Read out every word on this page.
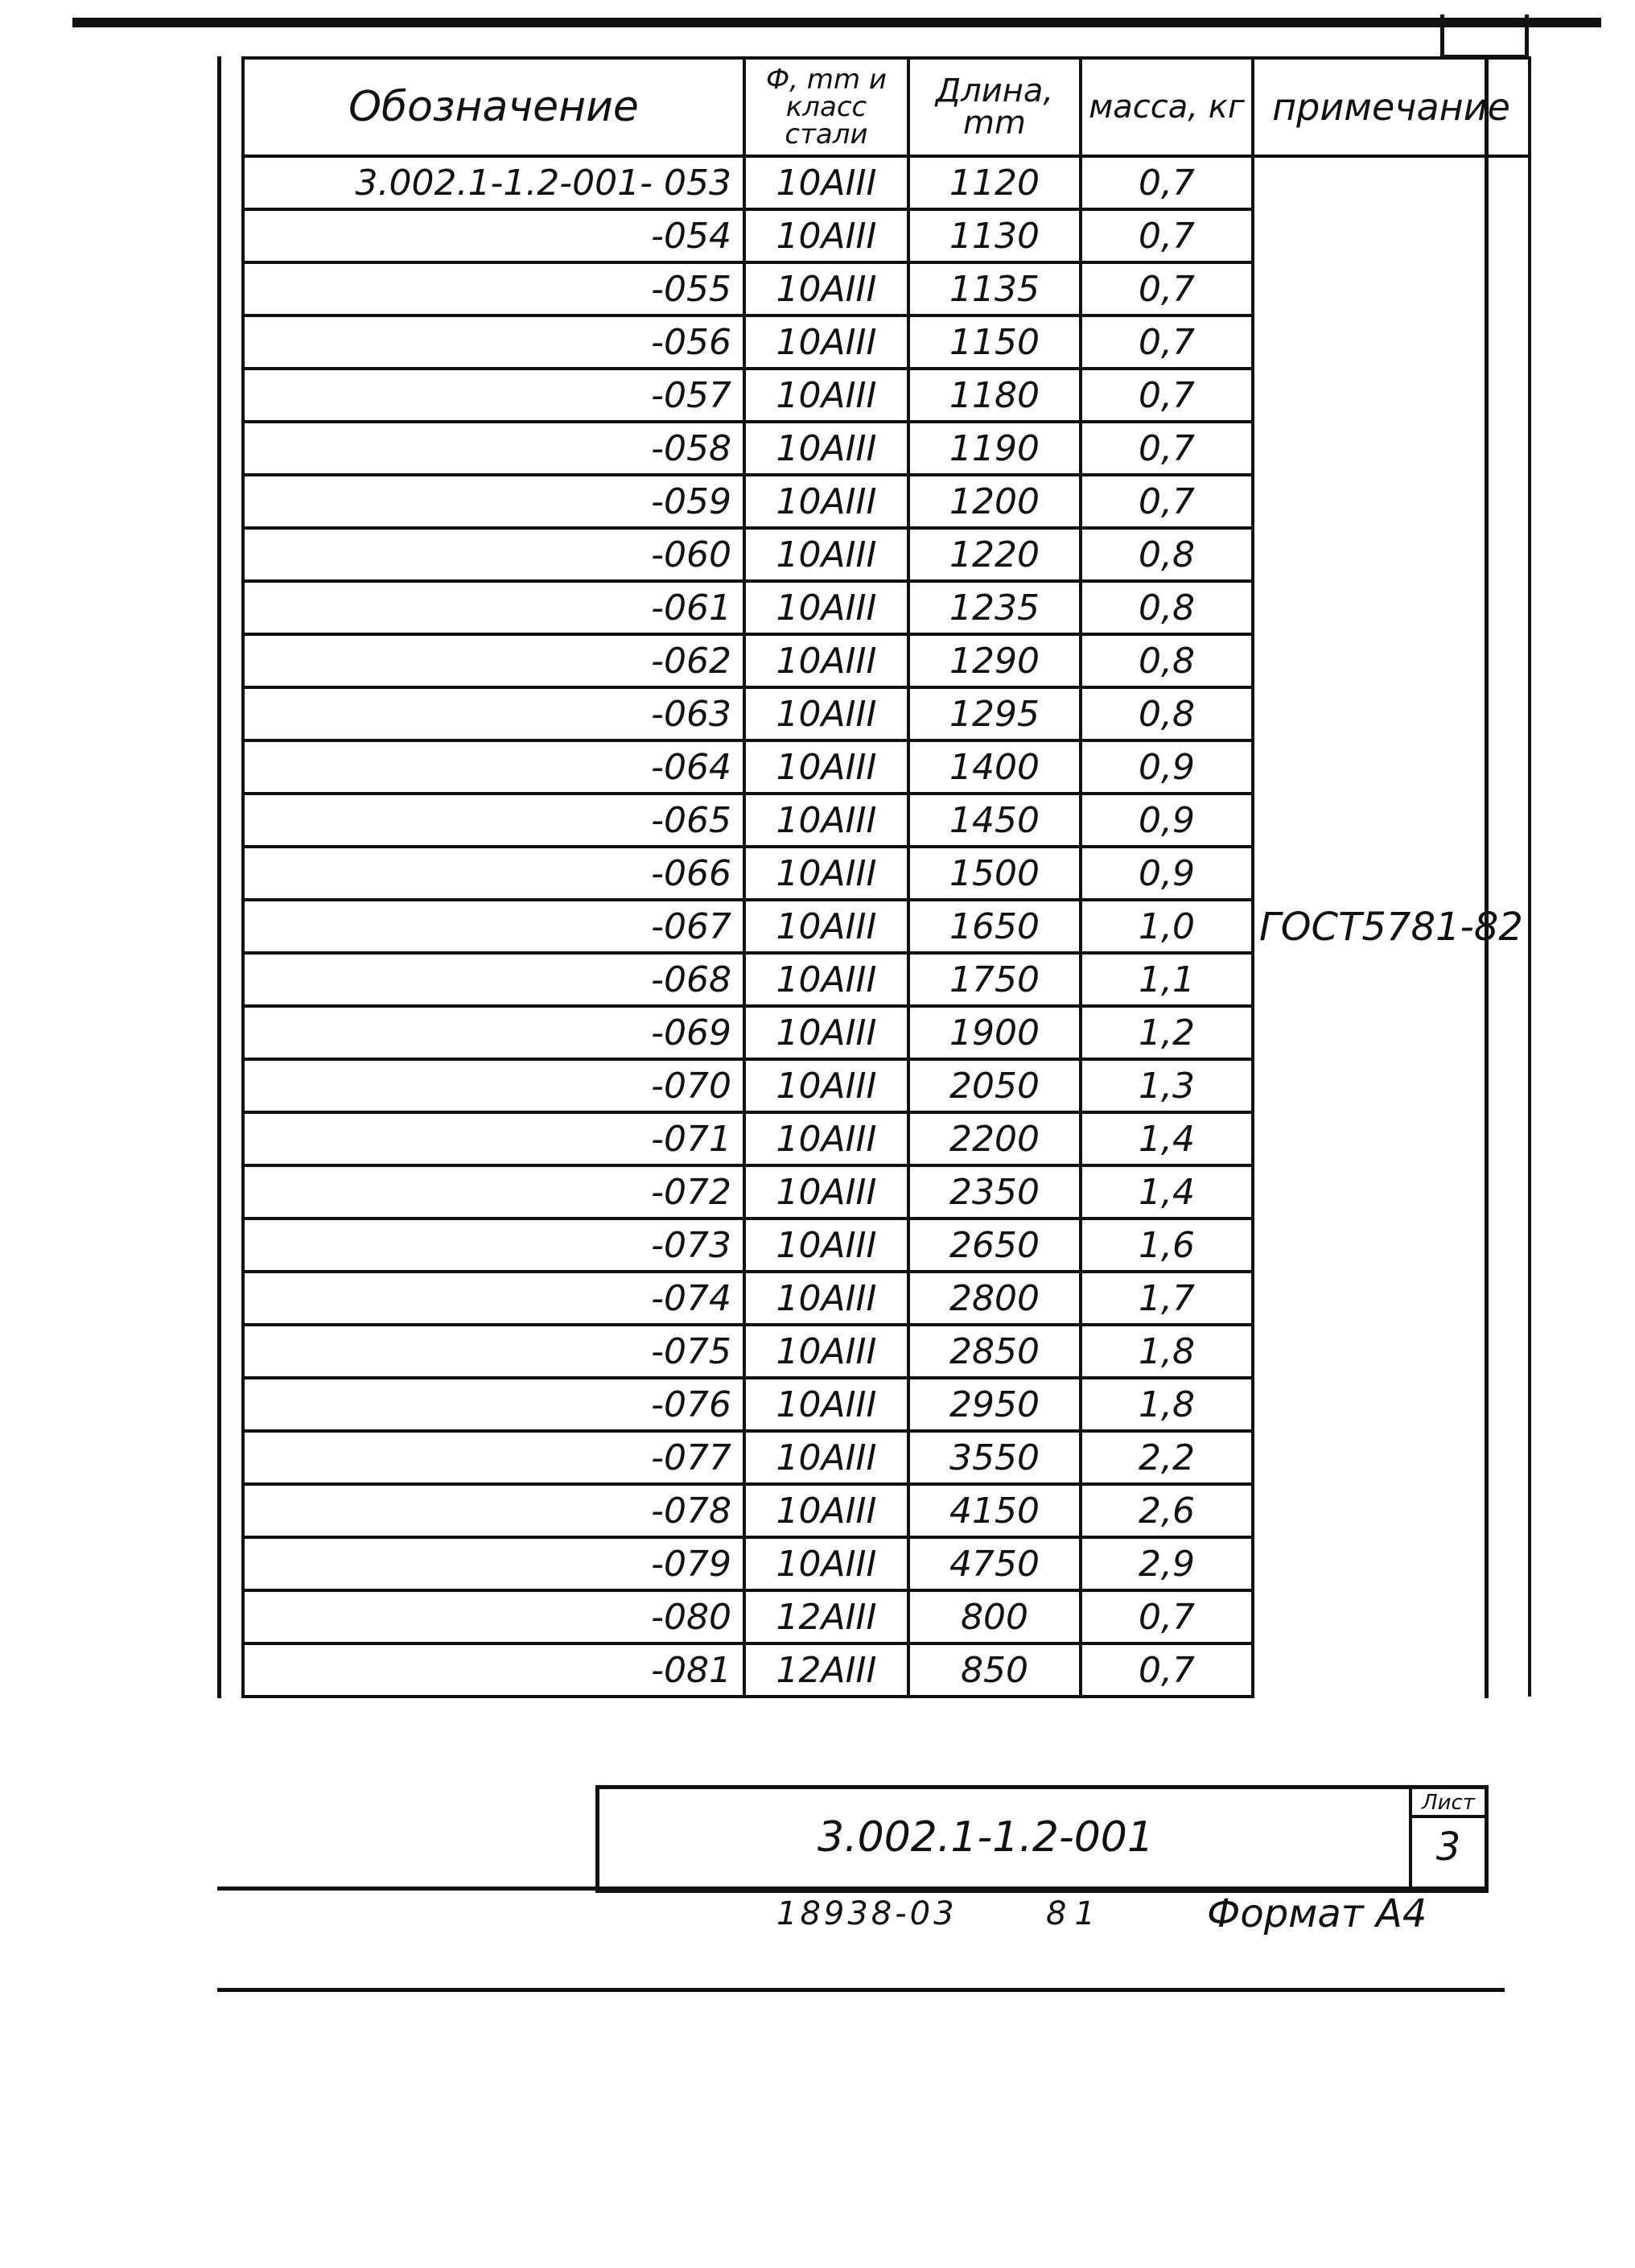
Обозначение	Ф, mm и класс стали	Длина, mm	масса, кг	примечание
3.002.1-1.2-001- 053	10АIII	1120	0,7	ГОСТ5781-82
-054	10АIII	1130	0,7	
-055	10АIII	1135	0,7	
-056	10АIII	1150	0,7	
-057	10АIII	1180	0,7	
-058	10АIII	1190	0,7	
-059	10АIII	1200	0,7	
-060	10АIII	1220	0,8	
-061	10АIII	1235	0,8	
-062	10АIII	1290	0,8	
-063	10АIII	1295	0,8	
-064	10АIII	1400	0,9	
-065	10АIII	1450	0,9	
-066	10АIII	1500	0,9	
-067	10АIII	1650	1,0	
-068	10АIII	1750	1,1	
-069	10АIII	1900	1,2	
-070	10АIII	2050	1,3	
-071	10АIII	2200	1,4	
-072	10АIII	2350	1,4	
-073	10АIII	2650	1,6	
-074	10АIII	2800	1,7	
-075	10АIII	2850	1,8	
-076	10АIII	2950	1,8	
-077	10АIII	3550	2,2	
-078	10АIII	4150	2,6	
-079	10АIII	4750	2,9	
-080	12АIII	800	0,7	
-081	12АIII	850	0,7	
3.002.1-1.2-001
Лист
3
18938-03	81	Формат А4
